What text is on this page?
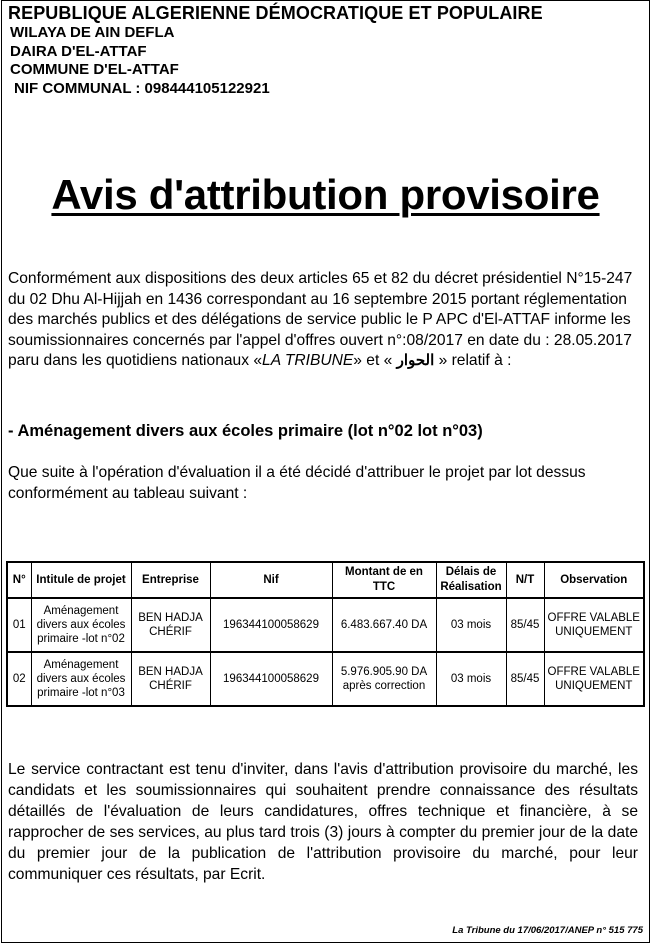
REPUBLIQUE ALGERIENNE DÉMOCRATIQUE ET POPULAIRE

WILAYA DE AIN DEFLA

DAIRA D'EL-ATTAF

COMMUNE D'EL-ATTAF

NIF COMMUNAL : 098444105122921

Avis d'attribution provisoire

Conformément aux dispositions des deux articles 65 et 82 du décret présidentiel N°15-247 du 02 Dhu Al-Hijjah en 1436 correspondant au 16 septembre 2015 portant réglementation des marchés publics et des délégations de service public le P APC d'El-ATTAF informe les soumissionnaires concernés par l'appel d'offres ouvert n°:08/2017 en date du : 28.05.2017 paru dans les quotidiens nationaux «LA TRIBUNE» et « الحوار » relatif à :

- Aménagement divers aux écoles primaire (lot n°02 lot n°03)

Que suite à l'opération d'évaluation il a été décidé d'attribuer le projet par lot dessus conformément au tableau suivant :

N°	Intitule de projet	Entreprise	Nif	Montant de en TTC	Délais de Réalisation	N/T	Observation
01	Aménagement divers aux écoles primaire -lot n°02	BEN HADJA CHÉRIF	196344100058629	6.483.667.40 DA	03 mois	85/45	OFFRE VALABLE UNIQUEMENT
02	Aménagement divers aux écoles primaire -lot n°03	BEN HADJA CHÉRIF	196344100058629	5.976.905.90 DA après correction	03 mois	85/45	OFFRE VALABLE UNIQUEMENT

Le service contractant est tenu d'inviter, dans l'avis d'attribution provisoire du marché, les candidats et les soumissionnaires qui souhaitent prendre connaissance des résultats détaillés de l'évaluation de leurs candidatures, offres technique et financière, à se rapprocher de ses services, au plus tard trois (3) jours à compter du premier jour de la date du premier jour de la publication de l'attribution provisoire du marché, pour leur communiquer ces résultats, par Ecrit.

La Tribune du 17/06/2017/ANEP n° 515 775
